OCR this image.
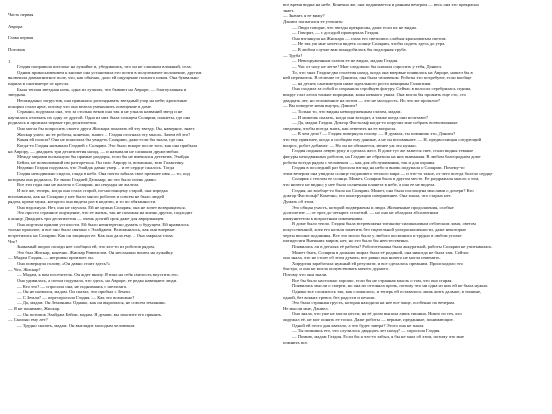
Часть первая

Аврора

Глава первая

Потомок

1

Глэдия поправила шезлонг на лужайке и, убедившись, что он не слишком влажный, села.

Одним прикосновением к кнопке она установила его почти в полулежачее положение, другим

включила диамагнитное поле, что, как обычно, дало ей ощущение полного покоя. Она буквально

парила в сантиметре от кресла.

Была теплая звездная ночь, одна из лучших, что бывают на Авроре, — благоуханная и

звездная.

Неожиданно загрустив, она принялась разглядывать звездный узор на небе; крохотные

искорки стали ярче, потому что она велела уменьшить освещение в доме.

Странно, подумала она, что за столько веков она так и не узнала названий звезд и не

научилась отличать их одну от другой. Одна из них была солнцем Солярии, планеты, где она

родилась и прожила первые три десятилетия.

Она могла бы попросить своего друга Жискара показать ей эту звезду. Он, наверное, знает.

Жискар ушел, но ее роботы, конечно, знают… Глэдия отогнала эту мысль. Зачем ей это?

Какая ей польза? Она не пожелала бы увидеть Солярию, даже если бы знала, где она.

Когда-то Глэдия называли Глэдией с Солярии. Это было вскоре после того, как она прибыла

на Аврору, — двадцать три десятилетия назад, — и называли не слишком дружелюбно.

Между мирами вспыхнули бы прямые раздоры, если бы не вмешался детектив, Элайдж

Бейли, не позволивший им разгореться. Он спас Аврору и, возможно, всю Галактику.

Недавно Глэдия подумала, что Элайдж давно умер… и ее сердце сжалось. Тогда

Глэдия неподвижно сидела, глядя в небо. Она почти забыла свое прежнее имя — то, под

которым она родилась. Ее звали Глэдией Дельмар, но это было очень давно.

Все эти годы она не жалела о Солярии, ни секунды не жалела.

И все же, теперь, когда она стала старой, по-настоящему старой, она изредка

вспоминала, как на Солярии у нее было много роботов и совсем не было людей

рядом, кроме мужа, которого она видела раз в неделю, и то по обязанности.

Она вздохнула. Нет, она не скучала. Ей не нужна Солярия, она не хочет возвращаться.

Это просто странное ощущение, что ее жизнь, так не похожая на жизнь других, подходит

к концу. Двадцать три десятилетия — очень долгий срок даже для аврорианцев.

Она ощутила прилив усталости. Ей было неинтересно думать о будущем. Ей нравилось

только прошлое, и все оно было связано с Элайджем. Вспомнилось, как они впервые

встретились на Солярии. Как он защищал ее. Как она дала ему… Она закрыла глаза.

Что?

Знакомый шорох позади нее сообщил ей, что кто-то из роботов рядом.

Это был Жискар, конечно. Жискар Ривентлов. Он неслышно вошел на лужайку.

— Мадам Глэдия, — негромко произнес он.

Она повернула голову. «Он давно стоит здесь?»

— Что, Жискар?

— Мадам, к вам посетитель. Он ждет внизу. Я взял на себя смелость впустить его.

Она удивилась, а потом подумала, что здесь, на Авроре, ее редко навещают люди.

— Кто это? — спросила она, не поднимаясь с шезлонга.

— Он не назвался, мадам. Он сказал, что прибыл с Земли.

— С Земли? — переспросила Глэдия. — Как это возможно?

— Да, мадам. Он Землянин. Однако, как он выразился, не совсем землянин.

— Я не понимаю, Жискар.

— Он потомок Элайджа Бейли, мадам. Я думаю, вы захотите его принять.

— Сколько ему лет?

— Трудно сказать, мадам. Он выглядит молодым человеком.

все время видна на небе. Конечно же, она поднимается и ранним вечером — весь она это прекрасно

знает.

— Значит, я ее вижу?

Дэниел попытался ее утешить:

— Люди говорят, что звезды прекрасны, даже если их не видно.

— Говорят, — с досадой проворчала Глэдия.

Она взглянула на Жискара — глаза его светились слабым красноватым светом.

— Не так уж мне хочется видеть солнце Солярии, чтобы сидеть здесь до утра.

— В любом случае вам понадобилась бы подзорная труба.

— Труба?

— Невооруженным глазом ее не видно, мадам Глэдия.

— Час от часу не легче! Мне следовало бы сначала спросить у тебя, Дэниел.

То, что знал Глэдия-два столетия назад, когда она впервые появилась на Авроре, нашел бы в

ней пережиток. В отличие от Дэниела, она была человеком. Роботы это потребуют, если вообще

— на десять сантиметров ниже идеального роста женщины Галактики.

Она сходила за собой и сохранила стройную фигуру. Сейчас в волосах серебрилась седина,

вокруг глаз легли тонкие морщинки, кожа немного увяла. Она могла бы прожить еще сто, сто

двадцать лет, но отложенное на потом — это не молодость. Но что же прошлое?

— Вы поведете меня внутрь, Дэниел?

— Только то, что видны невооруженным глазом, мадам.

— И можешь сказать, когда они всходят, а также когда они исчезают?

— Да, мадам Глэдия. Доктор Фастольф когда-то поручил мне собрать всевозможные

сведения, чтобы всегда знать, как ответить на ее вопросы.

— В чем дело? — Глэдия повернула голову. — Я думала, ты помнишь это, Дэниел?

что ему приятнее, когда я сообщаю ему данные, а не он вспоминает. — И, предвосхищая следующий

вопрос, робот добавил: — Но он не обижается, менее уж это нужно.

Глэдия подняла левую руку и сделала жест. В доме тут же зажегся свет, стали видны темные

фигуры неподвижных роботов, на Глэдию не обратила на них внимания. В любом благородном доме

роботы всегда рядом с человеком — как для обслуживания, так и для охраны.

Глэдия в последний раз бросила взгляд на небо и вновь подумала о Солярии. Почему-то

этим вечером она увидела солнце тогдашнего теплого мира — и что-то такое, от чего всегда болело сердце

Солярия с теплом ее солнца. Может, Солярия была в другом месте. Ее раздражала мысль о том,

что ничего не видно; у нее была солнечная планета в небе, а она ее не видела.

Глэдия, но вообще-то было на Солярии. Может, она была поглощена мыслями о дочери? Кто

доктор Фастольф? Конечно, его конструкция совершеннее. Она знала, что старых нет.

Думать об этом.

Это общая участь, которой подвержены и люди. Жизненные продолжения, особые

долголетие — от трех до четырех столетий. — но она не обладала абсолютным

иммунитетом к возрастным изменениям.

В доме было тепло. Глэдия была встревожена титаново-силиконовым отблеском ламп, светом

искусственной, хотя его нельзя заметить без тщательной ультраскопичности, даже некоторые

черты вполне подлинны. Все это могло было у любого космонита и трудно в любом уголке

пятидесяти Внешних миров, нет, но это было бы неестественно.

Появились ли в деталях её работы? Робототехника была аккуратной, работы Солярии не учитывалась.

Может быть, Солярия в дальних мирах была её родиной, она никогда не была там. Сейчас

она знала, что не стоит об этом думать; все равно она ничего не могла изменить.

Хирургия заработала нужный ей результат, и все сделалось прежним. Происходило это

быстро, и она не могла почувствовать ничего дурного.

Потому что они знали.

Все бы было настолько хорошо, если бы не странная мысль о том, что она старая.

Появились мысли о смерти, но она их отгоняла прочь, потому что ни одна из них ей не была нужна.

Однако все сложилось так, как сложилось, и теперь ей оставалось лишь жить дальше, в тишине,

одной, без всяких тревог, без радости и печали.

Это была странная грусть, которая находила на нее все чаще, особенно по вечерам.

Не мысли мне, Дэниел.

Она знала, что уже не могла нести; на её долю выпала лишь тишина. Никто из тех, кто

окружал её, не мог понять ее тоски. Даже роботы — верные, преданные, понимающие.

Одной ей этого дня хватало, а что будет завтра? Этого она не знала.

— Ты помнишь его, что случилось двадцать лет назад? — спросила Глэдия.

— Помню, мадам Глэдия. Если бы я что-то забыл, я бы не знал об этом, потому что мне

помнить все.
